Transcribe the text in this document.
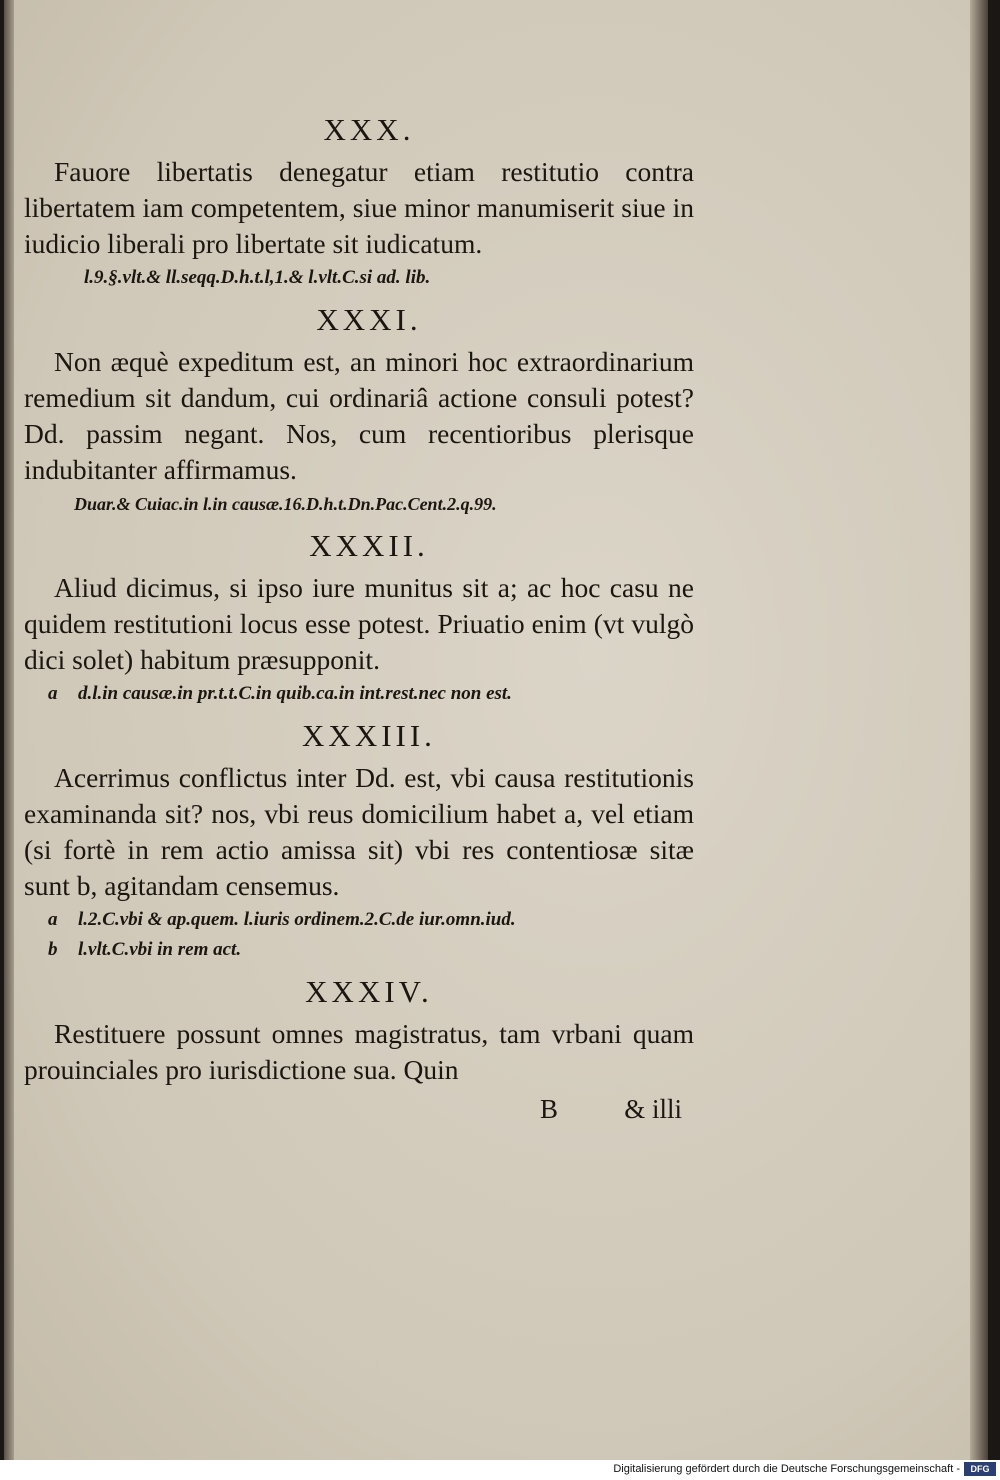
XXX.

Fauore libertatis denegatur etiam restitutio contra libertatem iam competentem, siue minor manumiserit siue in iudicio liberali pro libertate sit iudicatum.

l.9.§.vlt.& ll.seqq.D.h.t.l,1.& l.vlt.C.si ad. lib.
XXXI.

Non æquè expeditum est, an minori hoc extraordinarium remedium sit dandum, cui ordinariâ actione consuli potest? Dd. passim negant. Nos, cum recentioribus plerisque indubitanter affirmamus.

Duar.& Cuiac.in l.in causæ.16.D.h.t.Dn.Pac.Cent.2.q.99.
XXXII.

Aliud dicimus, si ipso iure munitus sit a; ac hoc casu ne quidem restitutioni locus esse potest. Priuatio enim (vt vulgò dici solet) habitum præsupponit.

a	d.l.in causæ.in pr.t.t.C.in quib.ca.in int.rest.nec non est.
XXXIII.

Acerrimus conflictus inter Dd. est, vbi causa restitutionis examinanda sit? nos, vbi reus domicilium habet a, vel etiam (si fortè in rem actio amissa sit) vbi res contentiosæ sitæ sunt b, agitandam censemus.

a	l.2.C.vbi & ap.quem. l.iuris ordinem.2.C.de iur.omn.iud.
b	l.vlt.C.vbi in rem act.
XXXIV.

Restituere possunt omnes magistratus, tam vrbani quam prouinciales pro iurisdictione sua. Quin

B & illi
Digitalisierung gefördert durch die Deutsche Forschungsgemeinschaft -	DFG
